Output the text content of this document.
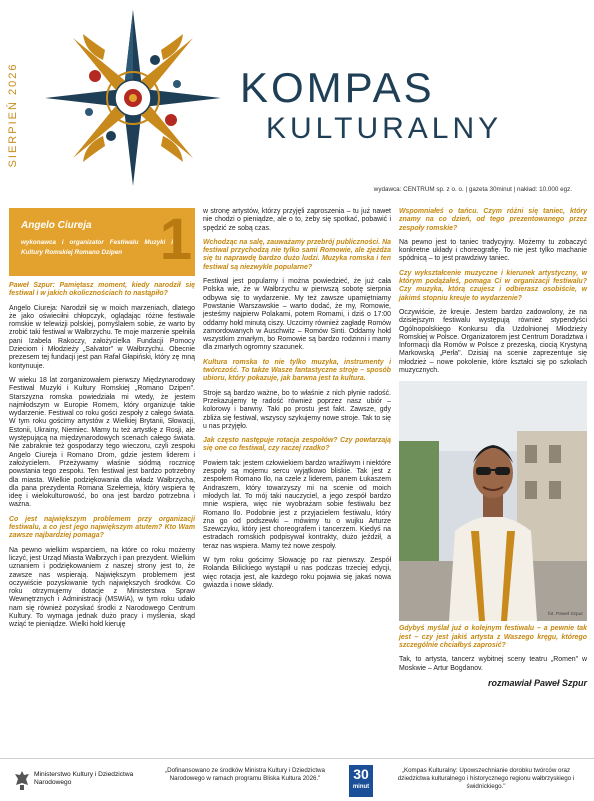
SIERPIEŃ 2026	KOMPAS
KULTURALNY
wydawca: CENTRUM sp. z o. o. | gazeta 30minut | nakład: 10.000 egz.
Angelo Ciureja
wykonawca i organizator Festiwalu Muzyki i Kultury Romskiej Romano Dzipen 1

Paweł Szpur: Pamiętasz moment, kiedy narodził się festiwal i w jakich okolicznościach to nastąpiło?

Angelo Ciureja: Narodził się w moich marzeniach, dlatego że jako oświeciłni chłopczyk, oglądając różne festiwale romskie w telewizji polskiej, pomyślałem sobie, że warto by zrobić taki festiwal w Wałbrzychu. Te moje marzenie spełniła pani Izabela Rakoczy, założycielka Fundacji Pomocy Dzieciom i Młodzieży „Salvator" w Wałbrzychu. Obecnie prezesem tej fundacji jest pan Rafał Głapiński, który zę mną kontynuuje.

W wieku 18 lat zorganizowałem pierwszy Międzynarodowy Festiwal Muzyki i Kultury Romskiej „Romano Dzipen". Starszyzna romska powiedziała mi wtedy, że jestem najmłodszym w Europie Romem, który organizuje takie wydarzenie. Festiwal co roku gości zespoły z całego świata. W tym roku gościmy artystów z Wielkiej Brytanii, Słowacji, Estonii, Ukrainy, Niemiec. Mamy tu też artystkę z Rosji, ale występującą na międzynarodowych scenach całego świata. Nie zabraknie też gospodarzy tego wieczoru, czyli zespołu Angelo Ciureja i Romano Drom, gdzie jestem liderem i założycielem. Przeżywamy właśnie siódmą rocznicę powstania tego zespołu. Ten festiwal jest bardzo potrzebny dla miasta. Wielkie podziękowania dla władz Wałbrzycha, dla pana prezydenta Romana Szełemeja, który wspiera tę ideę i wielokulturowość, bo ona jest bardzo potrzebna i ważna.

Co jest największym problemem przy organizacji festiwalu, a co jest jego największym atutem? Kto Wam zawsze najbardziej pomaga?

Na pewno wielkim wsparciem, na które co roku możemy liczyć, jest Urząd Miasta Wałbrzych i pan prezydent. Wielkim uznaniem i podziękowaniem z naszej strony jest to, że zawsze nas wspierają. Największym problemem jest oczywiście pozyskiwanie tych największych środków. Co roku otrzymujemy dotacje z Ministerstwa Spraw Wewnętrznych i Administracji (MSWiA), w tym roku udało nam się również pozyskać środki z Narodowego Centrum Kultury. To wymaga jednak dużo pracy i myślenia, skąd wziąć te pieniądze. Wielki hołd kieruję

w stronę artystów, którzy przyjęli zaproszenia – tu już nawet nie chodzi o pieniądze, ale o to, żeby się spotkać, pobawić i spędzić ze sobą czas.

Wchodząc na salę, zauważamy przebrój publiczności. Na festiwal przychodzą nie tylko sami Romowie, ale zjeżdża się tu naprawdę bardzo dużo ludzi. Muzyka romska i ten festiwal są niezwykle popularne?

Festiwal jest popularny i można powiedzieć, że już cała Polska wie, że w Wałbrzychu w pierwszą sobotę sierpnia odbywa się to wydarzenie. My też zawsze upamiętniamy Powstanie Warszawskie – warto dodać, że my, Romowie, jesteśmy najpierw Polakami, potem Romami, i dziś o 17:00 oddamy hołd minutą ciszy. Uczcimy również zagładę Romów zamordowanych w Auschwitz – Romów Sinti. Oddamy hołd wszystkim zmarłym, bo Romowie są bardzo rodzinni i mamy dla zmarłych ogromny szacunek.

Kultura romska to nie tylko muzyka, instrumenty i twórczość. To także Wasze fantastyczne stroje – sposób ubioru, który pokazuje, jak barwna jest ta kultura.

Stroje są bardzo ważne, bo to właśnie z nich płynie radość. Przekazujemy tę radość również poprzez nasz ubiór – kolorowy i barwny. Taki po prostu jest fakt. Zawsze, gdy zbliża się festiwal, wszyscy szykujemy nowe stroje. Tak to się u nas przyjęło.

Jak często następuje rotacja zespołów? Czy powtarzają się one co festiwal, czy raczej rzadko?

Powiem tak: jestem człowiekiem bardzo wrażliwym i niektóre zespoły są mojemu sercu wyjątkowo bliskie. Tak jest z zespołem Romano Ilo, na czele z liderem, panem Łukaszem Andraszem, który towarzyszy mi na scenie od moich młodych lat. To mój taki nauczyciel, a jego zespół bardzo mnie wspiera, więc nie wyobrażam sobie festiwalu bez Romano Ilo. Podobnie jest z przyjacielem festiwalu, który zna go od podszewki – mówimy tu o wujku Arturze Szewczyku, który jest choreografem i tancerzem. Kiedyś na estradach romskich podpisywał kontrakty, dużo jeździł, a teraz nas wspiera. Mamy też nowe zespoły.

W tym roku gościmy Słowację po raz pierwszy. Zespół Rolanda Bilickiego wystąpił u nas podczas trzeciej edycji, więc rotacja jest, ale każdego roku pojawia się jakaś nowa gwiazda i nowe składy.

Wspomniałeś o tańcu. Czym różni się taniec, który znamy na co dzień, od tego prezentowanego przez zespoły romskie?

Na pewno jest to taniec tradycyjny. Możemy tu zobaczyć konkretne układy i choreografię. To nie jest tylko machanie spódnicą – to jest prawdziwy taniec.

Czy wykształcenie muzyczne i kierunek artystyczny, w którym podążałeś, pomaga Ci w organizacji festiwalu? Czy muzyka, którą czujesz i odbierasz osobiście, w jakimś stopniu kreuje to wydarzenie?

Oczywiście, że kreuje. Jestem bardzo zadowolony, że na dzisiejszym festiwalu występują również stypendyści Ogólnopolskiego Konkursu dla Uzdolnionej Młodzieży Romskiej w Polsce. Organizatorem jest Centrum Doradztwa i Informacji dla Romów w Polsce z prezeską, ciocią Krystyną Markowską „Perła". Dzisiaj na scenie zaprezentuje się młodzież – nowe pokolenie, które kształci się po szkołach muzycznych.

fot. Paweł Szpur

Gdybyś myślał już o kolejnym festiwalu – a pewnie tak jest – czy jest jakiś artysta z Waszego kręgu, którego szczególnie chciałbyś zaprosić?

Tak, to artysta, tancerz wybitnej sceny teatru „Romen" w Moskwie – Artur Bogdanov.

rozmawiał Paweł Szpur
Ministerstwo Kultury i Dziedzictwa Narodowego
„Dofinansowano ze środków Ministra Kultury i Dziedzictwa Narodowego w ramach programu Bliska Kultura 2026."	30
minut
„Kompas Kulturalny: Upowszechnianie dorobku twórców oraz dziedzictwa kulturalnego i historycznego regionu wałbrzyskiego i świdnickiego."
